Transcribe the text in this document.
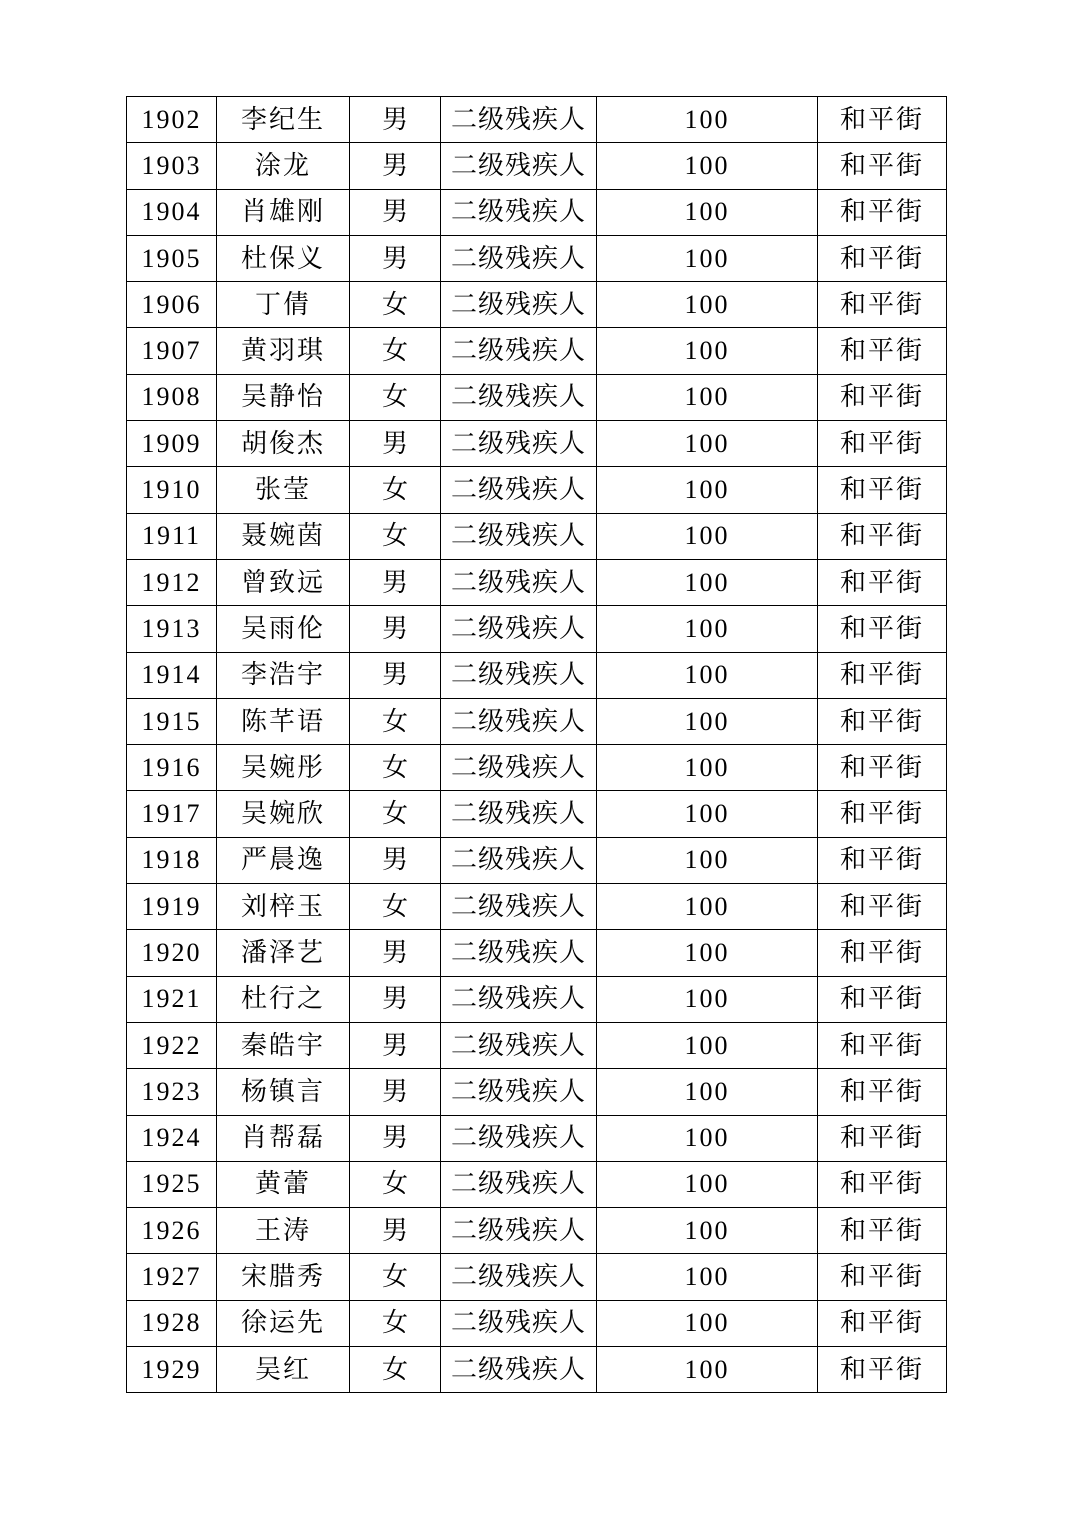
1902	李纪生	男	二级残疾人	100	和平街
1903	涂龙	男	二级残疾人	100	和平街
1904	肖雄刚	男	二级残疾人	100	和平街
1905	杜保义	男	二级残疾人	100	和平街
1906	丁倩	女	二级残疾人	100	和平街
1907	黄羽琪	女	二级残疾人	100	和平街
1908	吴静怡	女	二级残疾人	100	和平街
1909	胡俊杰	男	二级残疾人	100	和平街
1910	张莹	女	二级残疾人	100	和平街
1911	聂婉茵	女	二级残疾人	100	和平街
1912	曾致远	男	二级残疾人	100	和平街
1913	吴雨伦	男	二级残疾人	100	和平街
1914	李浩宇	男	二级残疾人	100	和平街
1915	陈芊语	女	二级残疾人	100	和平街
1916	吴婉彤	女	二级残疾人	100	和平街
1917	吴婉欣	女	二级残疾人	100	和平街
1918	严晨逸	男	二级残疾人	100	和平街
1919	刘梓玉	女	二级残疾人	100	和平街
1920	潘泽艺	男	二级残疾人	100	和平街
1921	杜行之	男	二级残疾人	100	和平街
1922	秦皓宇	男	二级残疾人	100	和平街
1923	杨镇言	男	二级残疾人	100	和平街
1924	肖帮磊	男	二级残疾人	100	和平街
1925	黄蕾	女	二级残疾人	100	和平街
1926	王涛	男	二级残疾人	100	和平街
1927	宋腊秀	女	二级残疾人	100	和平街
1928	徐运先	女	二级残疾人	100	和平街
1929	吴红	女	二级残疾人	100	和平街
